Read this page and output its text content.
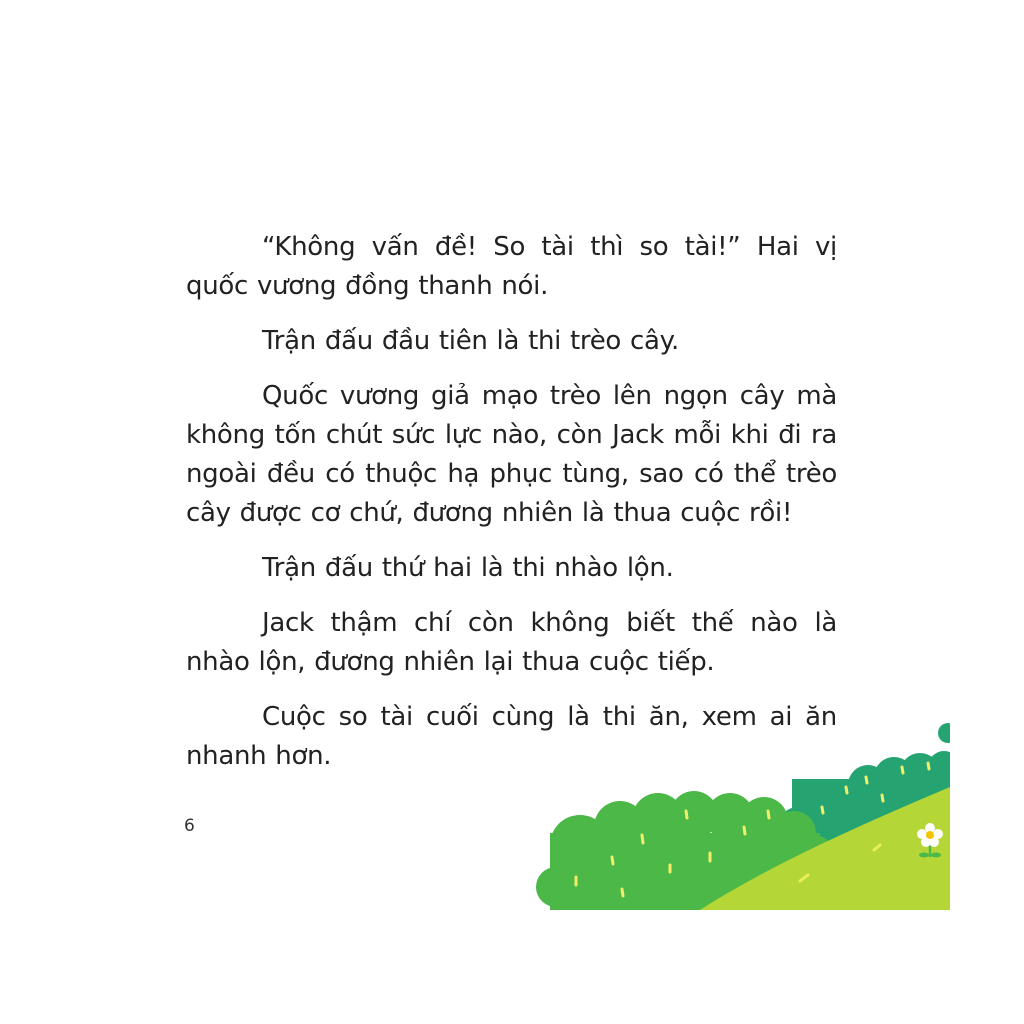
“Không vấn đề! So tài thì so tài!” Hai vị quốc vương đồng thanh nói.

Trận đấu đầu tiên là thi trèo cây.

Quốc vương giả mạo trèo lên ngọn cây mà không tốn chút sức lực nào, còn Jack mỗi khi đi ra ngoài đều có thuộc hạ phục tùng, sao có thể trèo cây được cơ chứ, đương nhiên là thua cuộc rồi!

Trận đấu thứ hai là thi nhào lộn.

Jack thậm chí còn không biết thế nào là nhào lộn, đương nhiên lại thua cuộc tiếp.

Cuộc so tài cuối cùng là thi ăn, xem ai ăn nhanh hơn.

6
